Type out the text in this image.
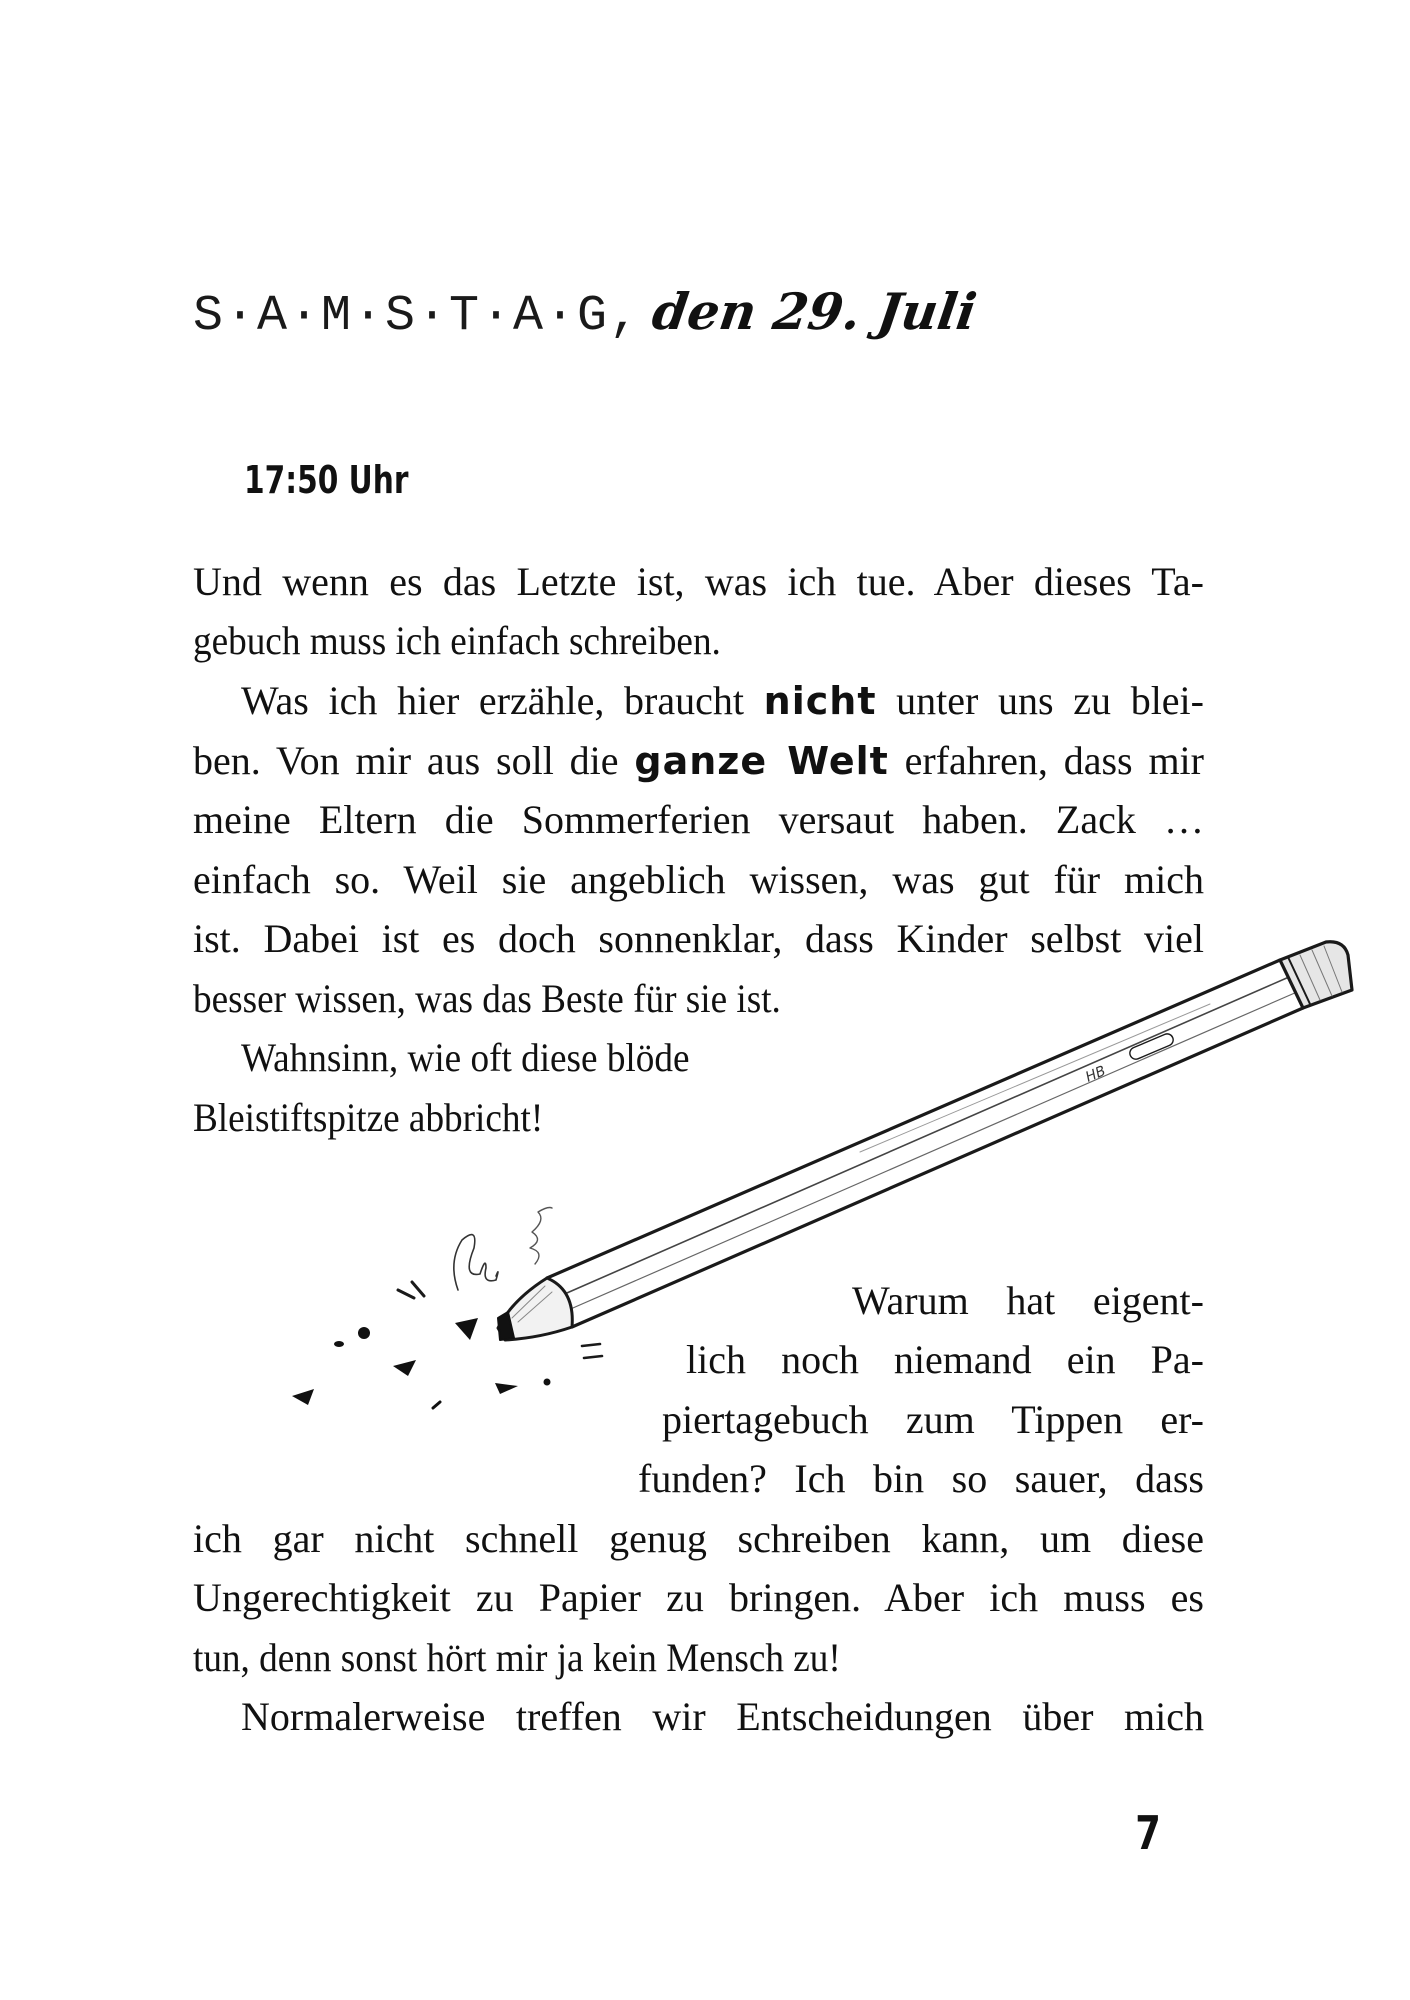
S·A·M·S·T·A·G, den 29. Juli
17:50 Uhr
Und wenn es das Letzte ist, was ich tue. Aber dieses Ta-
gebuch muss ich einfach schreiben.
Was ich hier erzähle, braucht nicht unter uns zu blei-
ben. Von mir aus soll die ganze Welt erfahren, dass mir
meine Eltern die Sommerferien versaut haben. Zack …
einfach so. Weil sie angeblich wissen, was gut für mich
ist. Dabei ist es doch sonnenklar, dass Kinder selbst viel
besser wissen, was das Beste für sie ist.
Wahnsinn, wie oft diese blöde
Bleistiftspitze abbricht!
Warum hat eigent-
lich noch niemand ein Pa-
piertagebuch zum Tippen er-
funden? Ich bin so sauer, dass
ich gar nicht schnell genug schreiben kann, um diese
Ungerechtigkeit zu Papier zu bringen. Aber ich muss es
tun, denn sonst hört mir ja kein Mensch zu!
Normalerweise treffen wir Entscheidungen über mich
HB
7
